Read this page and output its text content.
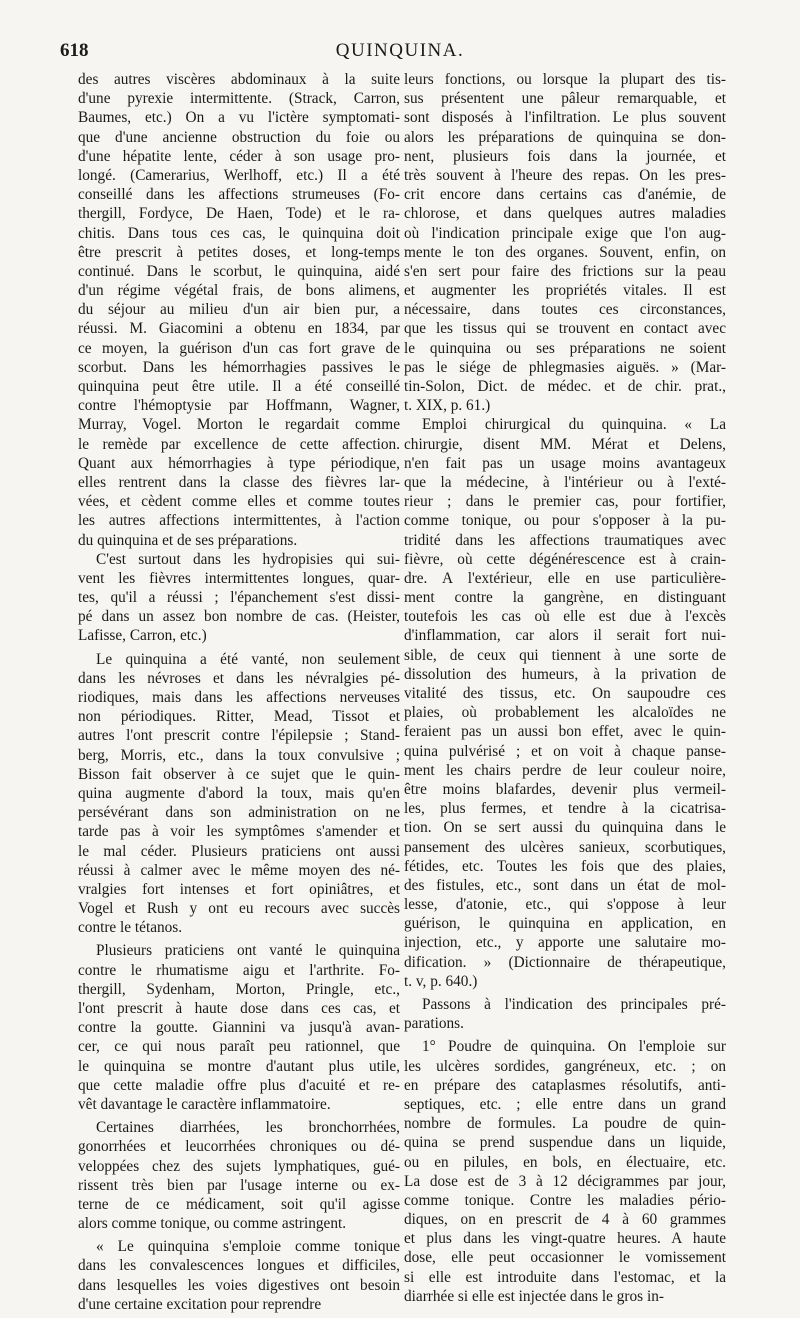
618	QUINQUINA.
des autres viscères abdominaux à la suite
d'une pyrexie intermittente. (Strack, Carron,
Baumes, etc.) On a vu l'ictère symptomati-
que d'une ancienne obstruction du foie ou
d'une hépatite lente, céder à son usage pro-
longé. (Camerarius, Werlhoff, etc.) Il a été
conseillé dans les affections strumeuses (Fo-
thergill, Fordyce, De Haen, Tode) et le ra-
chitis. Dans tous ces cas, le quinquina doit
être prescrit à petites doses, et long-temps
continué. Dans le scorbut, le quinquina, aidé
d'un régime végétal frais, de bons alimens,
du séjour au milieu d'un air bien pur, a
réussi. M. Giacomini a obtenu en 1834, par
ce moyen, la guérison d'un cas fort grave de
scorbut. Dans les hémorrhagies passives le
quinquina peut être utile. Il a été conseillé
contre l'hémoptysie par Hoffmann, Wagner,
Murray, Vogel. Morton le regardait comme
le remède par excellence de cette affection.
Quant aux hémorrhagies à type périodique,
elles rentrent dans la classe des fièvres lar-
vées, et cèdent comme elles et comme toutes
les autres affections intermittentes, à l'action
du quinquina et de ses préparations.
C'est surtout dans les hydropisies qui sui-
vent les fièvres intermittentes longues, quar-
tes, qu'il a réussi ; l'épanchement s'est dissi-
pé dans un assez bon nombre de cas. (Heister,
Lafisse, Carron, etc.)
Le quinquina a été vanté, non seulement
dans les névroses et dans les névralgies pé-
riodiques, mais dans les affections nerveuses
non périodiques. Ritter, Mead, Tissot et
autres l'ont prescrit contre l'épilepsie ; Stand-
berg, Morris, etc., dans la toux convulsive ;
Bisson fait observer à ce sujet que le quin-
quina augmente d'abord la toux, mais qu'en
persévérant dans son administration on ne
tarde pas à voir les symptômes s'amender et
le mal céder. Plusieurs praticiens ont aussi
réussi à calmer avec le même moyen des né-
vralgies fort intenses et fort opiniâtres, et
Vogel et Rush y ont eu recours avec succès
contre le tétanos.
Plusieurs praticiens ont vanté le quinquina
contre le rhumatisme aigu et l'arthrite. Fo-
thergill, Sydenham, Morton, Pringle, etc.,
l'ont prescrit à haute dose dans ces cas, et
contre la goutte. Giannini va jusqu'à avan-
cer, ce qui nous paraît peu rationnel, que
le quinquina se montre d'autant plus utile,
que cette maladie offre plus d'acuité et re-
vêt davantage le caractère inflammatoire.
Certaines diarrhées, les bronchorrhées,
gonorrhées et leucorrhées chroniques ou dé-
veloppées chez des sujets lymphatiques, gué-
rissent très bien par l'usage interne ou ex-
terne de ce médicament, soit qu'il agisse
alors comme tonique, ou comme astringent.
« Le quinquina s'emploie comme tonique
dans les convalescences longues et difficiles,
dans lesquelles les voies digestives ont besoin
d'une certaine excitation pour reprendre
leurs fonctions, ou lorsque la plupart des tis-
sus présentent une pâleur remarquable, et
sont disposés à l'infiltration. Le plus souvent
alors les préparations de quinquina se don-
nent, plusieurs fois dans la journée, et
très souvent à l'heure des repas. On les pres-
crit encore dans certains cas d'anémie, de
chlorose, et dans quelques autres maladies
où l'indication principale exige que l'on aug-
mente le ton des organes. Souvent, enfin, on
s'en sert pour faire des frictions sur la peau
et augmenter les propriétés vitales. Il est
nécessaire, dans toutes ces circonstances,
que les tissus qui se trouvent en contact avec
le quinquina ou ses préparations ne soient
pas le siége de phlegmasies aiguës. » (Mar-
tin-Solon, Dict. de médec. et de chir. prat.,
t. XIX, p. 61.)
Emploi chirurgical du quinquina. « La
chirurgie, disent MM. Mérat et Delens,
n'en fait pas un usage moins avantageux
que la médecine, à l'intérieur ou à l'exté-
rieur ; dans le premier cas, pour fortifier,
comme tonique, ou pour s'opposer à la pu-
tridité dans les affections traumatiques avec
fièvre, où cette dégénérescence est à crain-
dre. A l'extérieur, elle en use particulière-
ment contre la gangrène, en distinguant
toutefois les cas où elle est due à l'excès
d'inflammation, car alors il serait fort nui-
sible, de ceux qui tiennent à une sorte de
dissolution des humeurs, à la privation de
vitalité des tissus, etc. On saupoudre ces
plaies, où probablement les alcaloïdes ne
feraient pas un aussi bon effet, avec le quin-
quina pulvérisé ; et on voit à chaque panse-
ment les chairs perdre de leur couleur noire,
être moins blafardes, devenir plus vermeil-
les, plus fermes, et tendre à la cicatrisa-
tion. On se sert aussi du quinquina dans le
pansement des ulcères sanieux, scorbutiques,
fétides, etc. Toutes les fois que des plaies,
des fistules, etc., sont dans un état de mol-
lesse, d'atonie, etc., qui s'oppose à leur
guérison, le quinquina en application, en
injection, etc., y apporte une salutaire mo-
dification. » (Dictionnaire de thérapeutique,
t. v, p. 640.)
Passons à l'indication des principales pré-
parations.
1° Poudre de quinquina. On l'emploie sur
les ulcères sordides, gangréneux, etc. ; on
en prépare des cataplasmes résolutifs, anti-
septiques, etc. ; elle entre dans un grand
nombre de formules. La poudre de quin-
quina se prend suspendue dans un liquide,
ou en pilules, en bols, en électuaire, etc.
La dose est de 3 à 12 décigrammes par jour,
comme tonique. Contre les maladies pério-
diques, on en prescrit de 4 à 60 grammes
et plus dans les vingt-quatre heures. A haute
dose, elle peut occasionner le vomissement
si elle est introduite dans l'estomac, et la
diarrhée si elle est injectée dans le gros in-
